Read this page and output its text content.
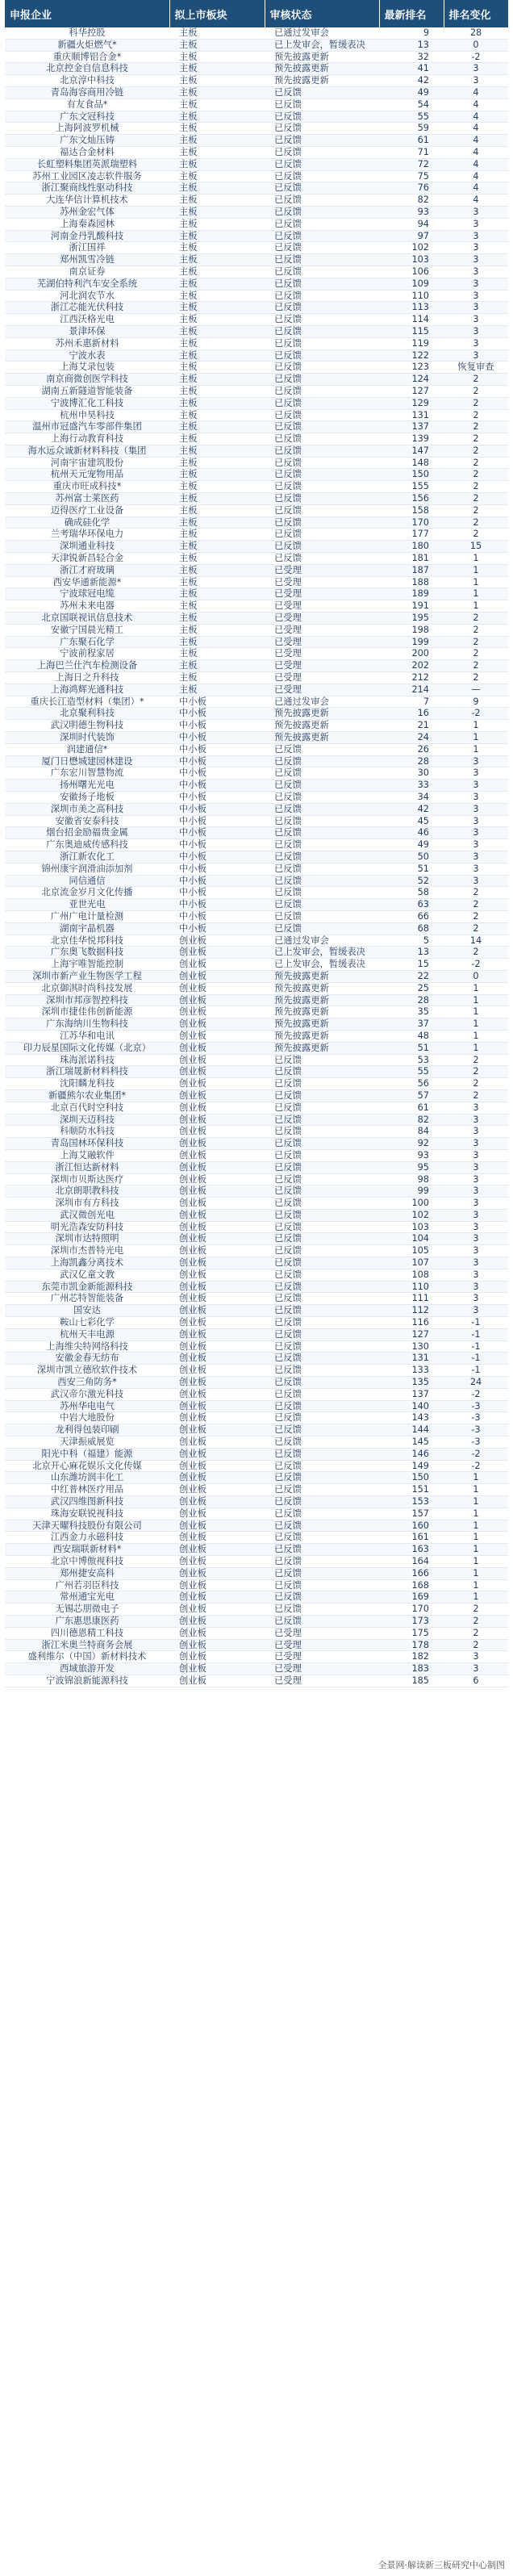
申报企业	拟上市板块	审核状态	最新排名	排名变化
科华控股	主板	已通过发审会	9	28
新疆火炬燃气*	主板	已上发审会，暂缓表决	13	0
重庆顺博铝合金*	主板	预先披露更新	32	-2
北京控金自信息科技	主板	预先披露更新	41	3
北京淳中科技	主板	预先披露更新	42	3
青岛海容商用冷链	主板	已反馈	49	4
有友食品*	主板	已反馈	54	4
广东文冠科技	主板	已反馈	55	4
上海阿波罗机械	主板	已反馈	59	4
广东文灿压铸	主板	已反馈	61	4
福达合金材料	主板	已反馈	71	4
长虹塑料集团英派瑞塑料	主板	已反馈	72	4
苏州工业园区凌志软件服务	主板	已反馈	75	4
浙江聚商线性驱动科技	主板	已反馈	76	4
大连华信计算机技术	主板	已反馈	82	4
苏州金宏气体	主板	已反馈	93	3
上海秦森园林	主板	已反馈	94	3
河南金丹乳酸科技	主板	已反馈	97	3
浙江国祥	主板	已反馈	102	3
郑州凯雪冷链	主板	已反馈	103	3
南京证券	主板	已反馈	106	3
芜湖伯特利汽车安全系统	主板	已反馈	109	3
河北润农节水	主板	已反馈	110	3
浙江芯能光伏科技	主板	已反馈	113	3
江西沃格光电	主板	已反馈	114	3
景津环保	主板	已反馈	115	3
苏州禾惠新材料	主板	已反馈	119	3
宁波水表	主板	已反馈	122	3
上海艾录包装	主板	已反馈	123	恢复审查
南京商微创医学科技	主板	已反馈	124	2
湖南五新隧道智能装备	主板	已反馈	127	2
宁波博汇化工科技	主板	已反馈	129	2
杭州申昊科技	主板	已反馈	131	2
温州市冠盛汽车零部件集团	主板	已反馈	137	2
上海行动教育科技	主板	已反馈	139	2
海水远众诚新材料科技（集团	主板	已反馈	147	2
河南宇宙建筑股份	主板	已反馈	148	2
杭州天元宠物用品	主板	已反馈	150	2
重庆市旺成科技*	主板	已反馈	155	2
苏州富士莱医药	主板	已反馈	156	2
迈得医疗工业设备	主板	已反馈	158	2
确成硅化学	主板	已反馈	170	2
兰考瑞华环保电力	主板	已反馈	177	2
深圳通业科技	主板	已反馈	180	15
天津锐新昌轻合金	主板	已反馈	181	1
浙江才府玻璃	主板	已受理	187	1
西安华通新能源*	主板	已受理	188	1
宁波球冠电缆	主板	已受理	189	1
苏州未来电器	主板	已受理	191	1
北京国联视讯信息技术	主板	已受理	195	2
安徽宁国晨光精工	主板	已受理	198	2
广东聚石化学	主板	已受理	199	2
宁波前程家居	主板	已受理	200	2
上海巴兰仕汽车检测设备	主板	已受理	202	2
上海日之升科技	主板	已受理	212	2
上海鸿辉光通科技	主板	已受理	214	—
重庆长江造型材料（集团）*	中小板	已通过发审会	7	9
北京聚利科技	中小板	预先披露更新	16	-2
武汉明德生物科技	中小板	预先披露更新	21	1
深圳时代装饰	中小板	预先披露更新	24	1
润建通信*	中小板	已反馈	26	1
厦门日懋城建园林建设	中小板	已反馈	28	3
广东宏川智慧物流	中小板	已反馈	30	3
扬州曙光光电	中小板	已反馈	33	3
安徽扬子地板	中小板	已反馈	34	3
深圳市美之高科技	中小板	已反馈	42	3
安徽省安泰科技	中小板	已反馈	45	3
烟台招金励福贵金属	中小板	已反馈	46	3
广东奥迪威传感科技	中小板	已反馈	49	3
浙江新农化工	中小板	已反馈	50	3
锦州康宇润滑油添加剂	中小板	已反馈	51	3
同信通信	中小板	已反馈	52	3
北京流金岁月文化传播	中小板	已反馈	58	2
亚世光电	中小板	已反馈	63	2
广州广电计量检测	中小板	已反馈	66	2
湖南宇晶机器	中小板	已反馈	68	2
北京佳华悦邦科技	创业板	已通过发审会	5	14
广东奥飞数据科技	创业板	已上发审会，暂缓表决	13	2
上海宇唯智能控制	创业板	已上发审会，暂缓表决	15	-2
深圳市新产业生物医学工程	创业板	预先披露更新	22	0
北京御淇时尚科技发展	创业板	预先披露更新	25	1
深圳市邦彦智控科技	创业板	预先披露更新	28	1
深圳市捷佳伟创新能源	创业板	预先披露更新	35	1
广东海纳川生物科技	创业板	预先披露更新	37	1
江苏华和电讯	创业板	预先披露更新	48	1
印力辰星国际文化传媒（北京）	创业板	预先披露更新	51	1
珠海派诺科技	创业板	已反馈	53	2
浙江瑞晟新材料科技	创业板	已反馈	55	2
沈阳麟龙科技	创业板	已反馈	56	2
新疆熊尔农业集团*	创业板	已反馈	57	2
北京百代时空科技	创业板	已反馈	61	3
深圳天迈科技	创业板	已反馈	82	3
科顺防水科技	创业板	已反馈	84	3
青岛国林环保科技	创业板	已反馈	92	3
上海艾融软件	创业板	已反馈	93	3
浙江恒达新材料	创业板	已反馈	95	3
深圳市贝斯达医疗	创业板	已反馈	98	3
北京朗职教科技	创业板	已反馈	99	3
深圳市有方科技	创业板	已反馈	100	3
武汉微创光电	创业板	已反馈	102	3
明光浩森安防科技	创业板	已反馈	103	3
深圳市达特照明	创业板	已反馈	104	3
深圳市杰普特光电	创业板	已反馈	105	3
上海凯鑫分离技术	创业板	已反馈	107	3
武汉亿童文教	创业板	已反馈	108	3
东莞市凯金新能源科技	创业板	已反馈	110	3
广州芯特智能装备	创业板	已反馈	111	3
国安达	创业板	已反馈	112	3
鞍山七彩化学	创业板	已反馈	116	-1
杭州天丰电源	创业板	已反馈	127	-1
上海维尖特网络科技	创业板	已反馈	130	-1
安徽金春无纺布	创业板	已反馈	131	-1
深圳市凯立德欣软件技术	创业板	已反馈	133	-1
西安三角防务*	创业板	已反馈	135	24
武汉帝尔激光科技	创业板	已反馈	137	-2
苏州华电电气	创业板	已反馈	140	-3
中岩大地股份	创业板	已反馈	143	-3
龙利得包装印刷	创业板	已反馈	144	-3
天津振威展览	创业板	已反馈	145	-3
阳光中科（福建）能源	创业板	已反馈	146	-2
北京开心麻花娱乐文化传媒	创业板	已反馈	149	-2
山东潍坊润丰化工	创业板	已反馈	150	1
中红普林医疗用品	创业板	已反馈	151	1
武汉四维图新科技	创业板	已反馈	153	1
珠海安联锐视科技	创业板	已反馈	157	1
天津天曜科技股份有限公司	创业板	已反馈	160	1
江西金力永磁科技	创业板	已反馈	161	1
西安瑞联新材料*	创业板	已反馈	163	1
北京中博傲视科技	创业板	已反馈	164	1
郑州捷安高科	创业板	已反馈	166	1
广州若羽臣科技	创业板	已反馈	168	1
常州通宝光电	创业板	已反馈	169	1
无锡芯朋微电子	创业板	已反馈	170	2
广东惠思康医药	创业板	已反馈	173	2
四川德恩精工科技	创业板	已受理	175	2
浙江米奥兰特商务会展	创业板	已受理	178	2
盛利维尔（中国）新材料技术	创业板	已受理	182	3
西域旅游开发	创业板	已受理	183	3
宁波锦浪新能源科技	创业板	已受理	185	6
全景网·解读新三板研究中心制图
